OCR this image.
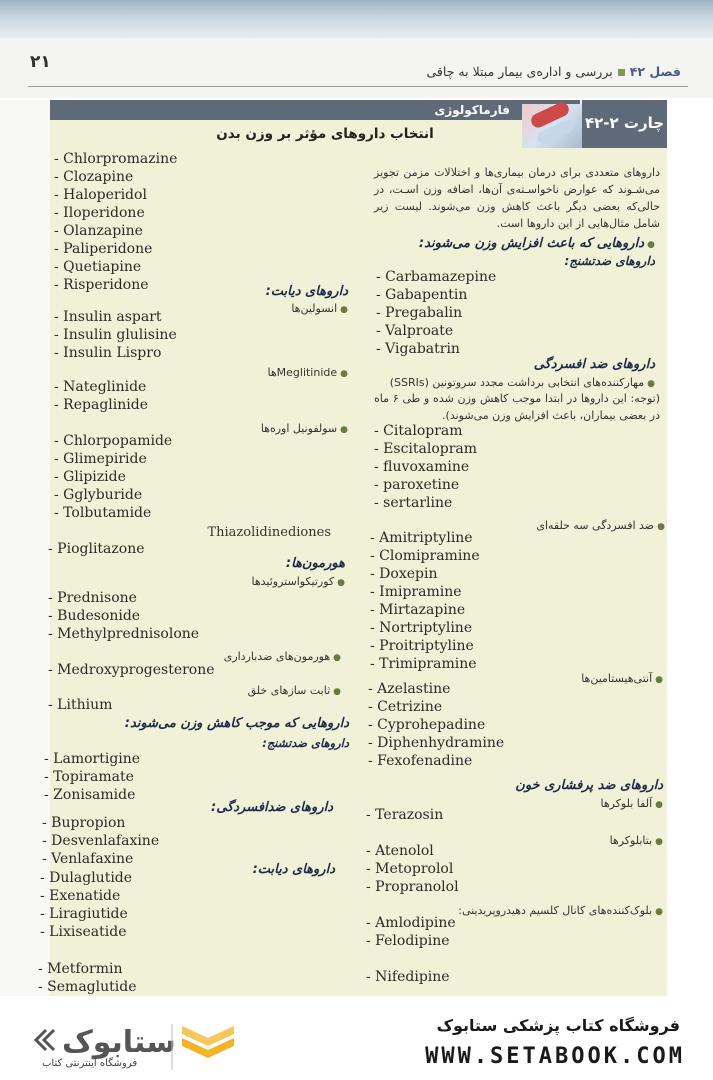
۲۱	فصل ۴۲بررسی و اداره‌ی بیمار مبتلا به چاقی
فارماکولوژی
چارت ۲-۴۲
انتخاب داروهای مؤثر بر وزن بدن
داروهای متعددی برای درمان بیماری‌ها و اختلالات مزمن تجویز می‌شـوند که عوارض ناخواسـته‌ی آن‌ها، اضافه وزن اسـت، در حالی‌که بعضی دیگر باعث کاهش وزن می‌شوند. لیست زیر شامل مثال‌هایی از این داروها است.
● داروهایی که باعث افزایش وزن می‌شوند:
داروهای ضدتشنج:
- Carbamazepine
- Gabapentin
- Pregabalin
- Valproate
- Vigabatrin
داروهای ضد افسردگی
●مهارکننده‌های انتخابی برداشت مجدد سروتونین (SSRIs)
(توجه: این داروها در ابتدا موجب کاهش وزن شده و طی ۶ ماه در بعضی بیماران، باعث افزایش وزن می‌شوند).
- Citalopram
- Escitalopram
- fluvoxamine
- paroxetine
- sertarline
●ضد افسردگی سه حلقه‌ای
- Amitriptyline
- Clomipramine
- Doxepin
- Imipramine
- Mirtazapine
- Nortriptyline
- Proitriptyline
- Trimipramine
●آنتی‌هیستامین‌ها
- Azelastine
- Cetrizine
- Cyprohepadine
- Diphenhydramine
- Fexofenadine
داروهای ضد پرفشاری خون
●آلفا بلوکرها
- Terazosin
●بتابلوکرها
- Atenolol
- Metoprolol
- Propranolol
●بلوک‌کننده‌های کانال کلسیم دهیدروپریدینی:
- Amlodipine
- Felodipine
- Nifedipine
- Chlorpromazine
- Clozapine
- Haloperidol
- Iloperidone
- Olanzapine
- Paliperidone
- Quetiapine
- Risperidone	داروهای دیابت:
●انسولین‌ها
- Insulin aspart
- Insulin glulisine
- Insulin Lispro
●Meglitinideها
- Nateglinide
- Repaglinide
●سولفونیل اوره‌ها
- Chlorpopamide
- Glimepiride
- Glipizide
- Gglyburide
- Tolbutamide
Thiazolidinediones
- Pioglitazone
هورمون‌ها:
●کورتیکواستروئیدها
- Prednisone
- Budesonide
- Methylprednisolone
●هورمون‌های ضدبارداری
- Medroxyprogesterone
●ثابت سازهای خلق
- Lithium
داروهایی که موجب کاهش وزن می‌شوند:
داروهای ضدتشنج:
- Lamortigine
- Topiramate
- Zonisamide
داروهای ضدافسردگی:
- Bupropion
- Desvenlafaxine
- Venlafaxine
داروهای دیابت:
- Dulaglutide
- Exenatide
- Liragiutide
- Lixiseatide
- Metformin
- Semaglutide
ستابوک
فروشگاه اینترنتی کتاب
فروشگاه کتاب پزشکی ستابوک
WWW.SETABOOK.COM
